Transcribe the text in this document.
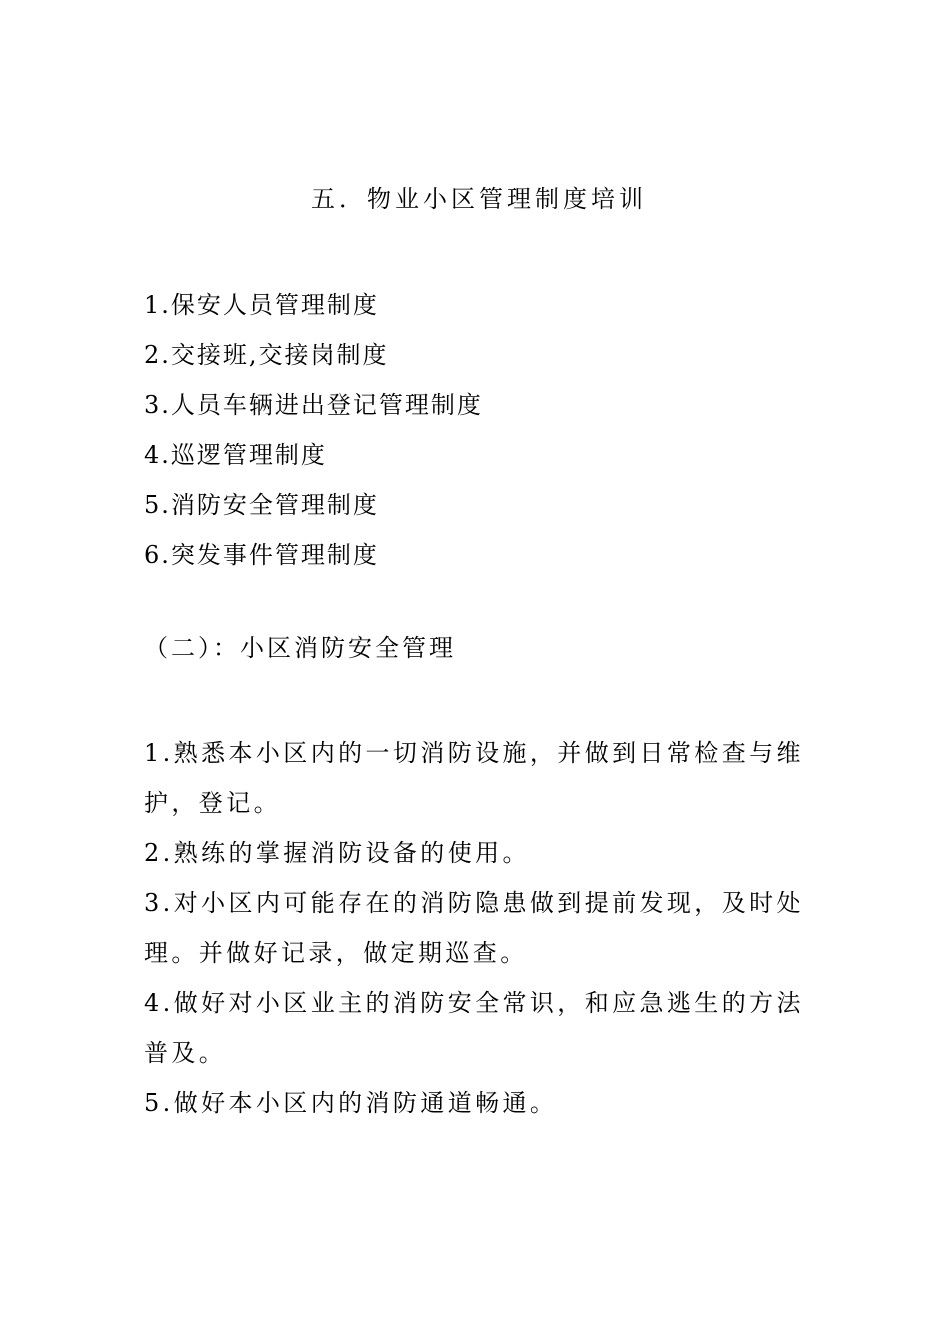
五．物业小区管理制度培训
1.保安人员管理制度
2.交接班,交接岗制度
3.人员车辆进出登记管理制度
4.巡逻管理制度
5.消防安全管理制度
6.突发事件管理制度
（二）：小区消防安全管理
1.熟悉本小区内的一切消防设施，并做到日常检查与维护，登记。
2.熟练的掌握消防设备的使用。
3.对小区内可能存在的消防隐患做到提前发现，及时处理。并做好记录，做定期巡查。
4.做好对小区业主的消防安全常识，和应急逃生的方法普及。
5.做好本小区内的消防通道畅通。
